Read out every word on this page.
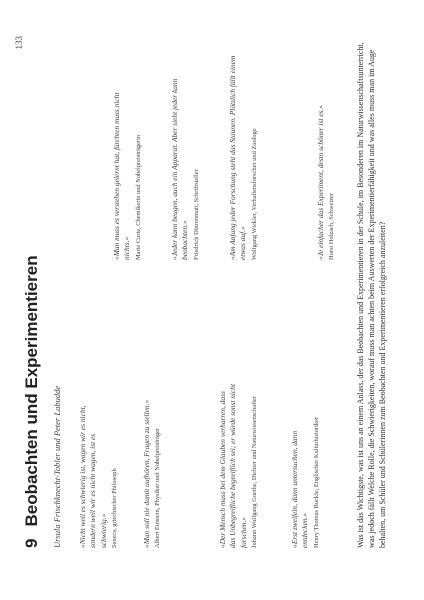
133
9Beobachten und Experimentieren Ursula Frischknecht-Tobler und Peter Labudde «Nicht weil es schwierig ist, wagen wir es nicht, sondern weil wir es nicht wagen, ist es schwierig.» Seneca, griechischer Philosoph	«Man soll nie damit aufhören, Fragen zu stellen.» Albert Einstein, Physiker und Nobelpreisträger	«Der Mensch muss bei dem Glauben verharren, dass das Unbegreifliche begreiflich sei; er würde sonst nicht forschen.» Johann Wolfgang Goethe, Dichter und Naturwissenschafter	«Erst zweifeln, dann untersuchen, dann entdecken.» Henry Thomas Buckle, Englischer Kulturhistoriker
«Man muss es verstehen gelernt hat, fürchten muss nicht nichts.» Marie Curie, Chemikerin und Nobelpreisträgerin	«Jeder kann beugen, auch ein Apparat. Aber sieht jeder kann beobachten.» Friedrich Dürrenmatt, Schriftsteller	«Am Anfang jeder Forschung steht das Staunen. Plötzlich fällt einem etwas auf.» Wolfgang Wickler, Verhaltensforscher und Zoologe	«Je einfacher das Experiment, desto schöner ist es.» Horst Holzach, Schweizer	Was ist das Wichtigste, was ist uns an einem Anlass, der das Beobachten und Experimentieren in der Schule, im Besonderen im Naturwissenschaftsunterricht, was jedoch fällt Welche Rolle, die Schwierigkeiten, worauf muss man achten beim Auswerten der Experimentierfähigkeit und was alles muss man im Auge behalten, um Schüler und Schülerinnen zum Beobachten und Experimentieren erfolgreich anzuleiten?
